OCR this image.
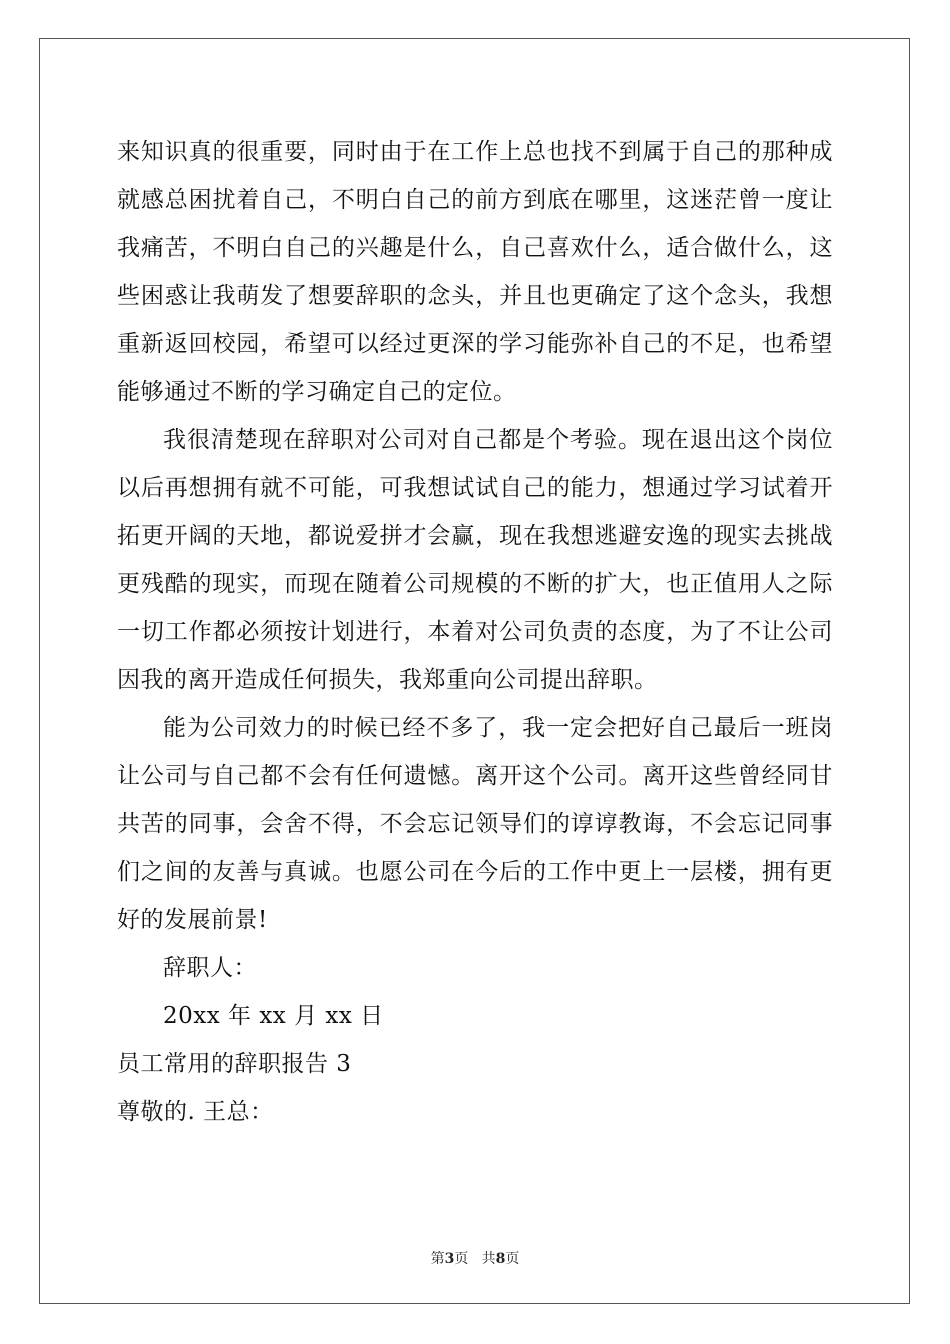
来知识真的很重要，同时由于在工作上总也找不到属于自己的那种成
就感总困扰着自己，不明白自己的前方到底在哪里，这迷茫曾一度让
我痛苦，不明白自己的兴趣是什么，自己喜欢什么，适合做什么，这
些困惑让我萌发了想要辞职的念头，并且也更确定了这个念头，我想
重新返回校园，希望可以经过更深的学习能弥补自己的不足，也希望
能够通过不断的学习确定自己的定位。
我很清楚现在辞职对公司对自己都是个考验。现在退出这个岗位
以后再想拥有就不可能，可我想试试自己的能力，想通过学习试着开
拓更开阔的天地，都说爱拼才会赢，现在我想逃避安逸的现实去挑战
更残酷的现实，而现在随着公司规模的不断的扩大，也正值用人之际
一切工作都必须按计划进行，本着对公司负责的态度，为了不让公司
因我的离开造成任何损失，我郑重向公司提出辞职。
能为公司效力的时候已经不多了，我一定会把好自己最后一班岗
让公司与自己都不会有任何遗憾。离开这个公司。离开这些曾经同甘
共苦的同事，会舍不得，不会忘记领导们的谆谆教诲，不会忘记同事
们之间的友善与真诚。也愿公司在今后的工作中更上一层楼，拥有更
好的发展前景!
辞职人：
20xx 年 xx 月 xx 日
员工常用的辞职报告 3
尊敬的. 王总：
第3页 共8页
